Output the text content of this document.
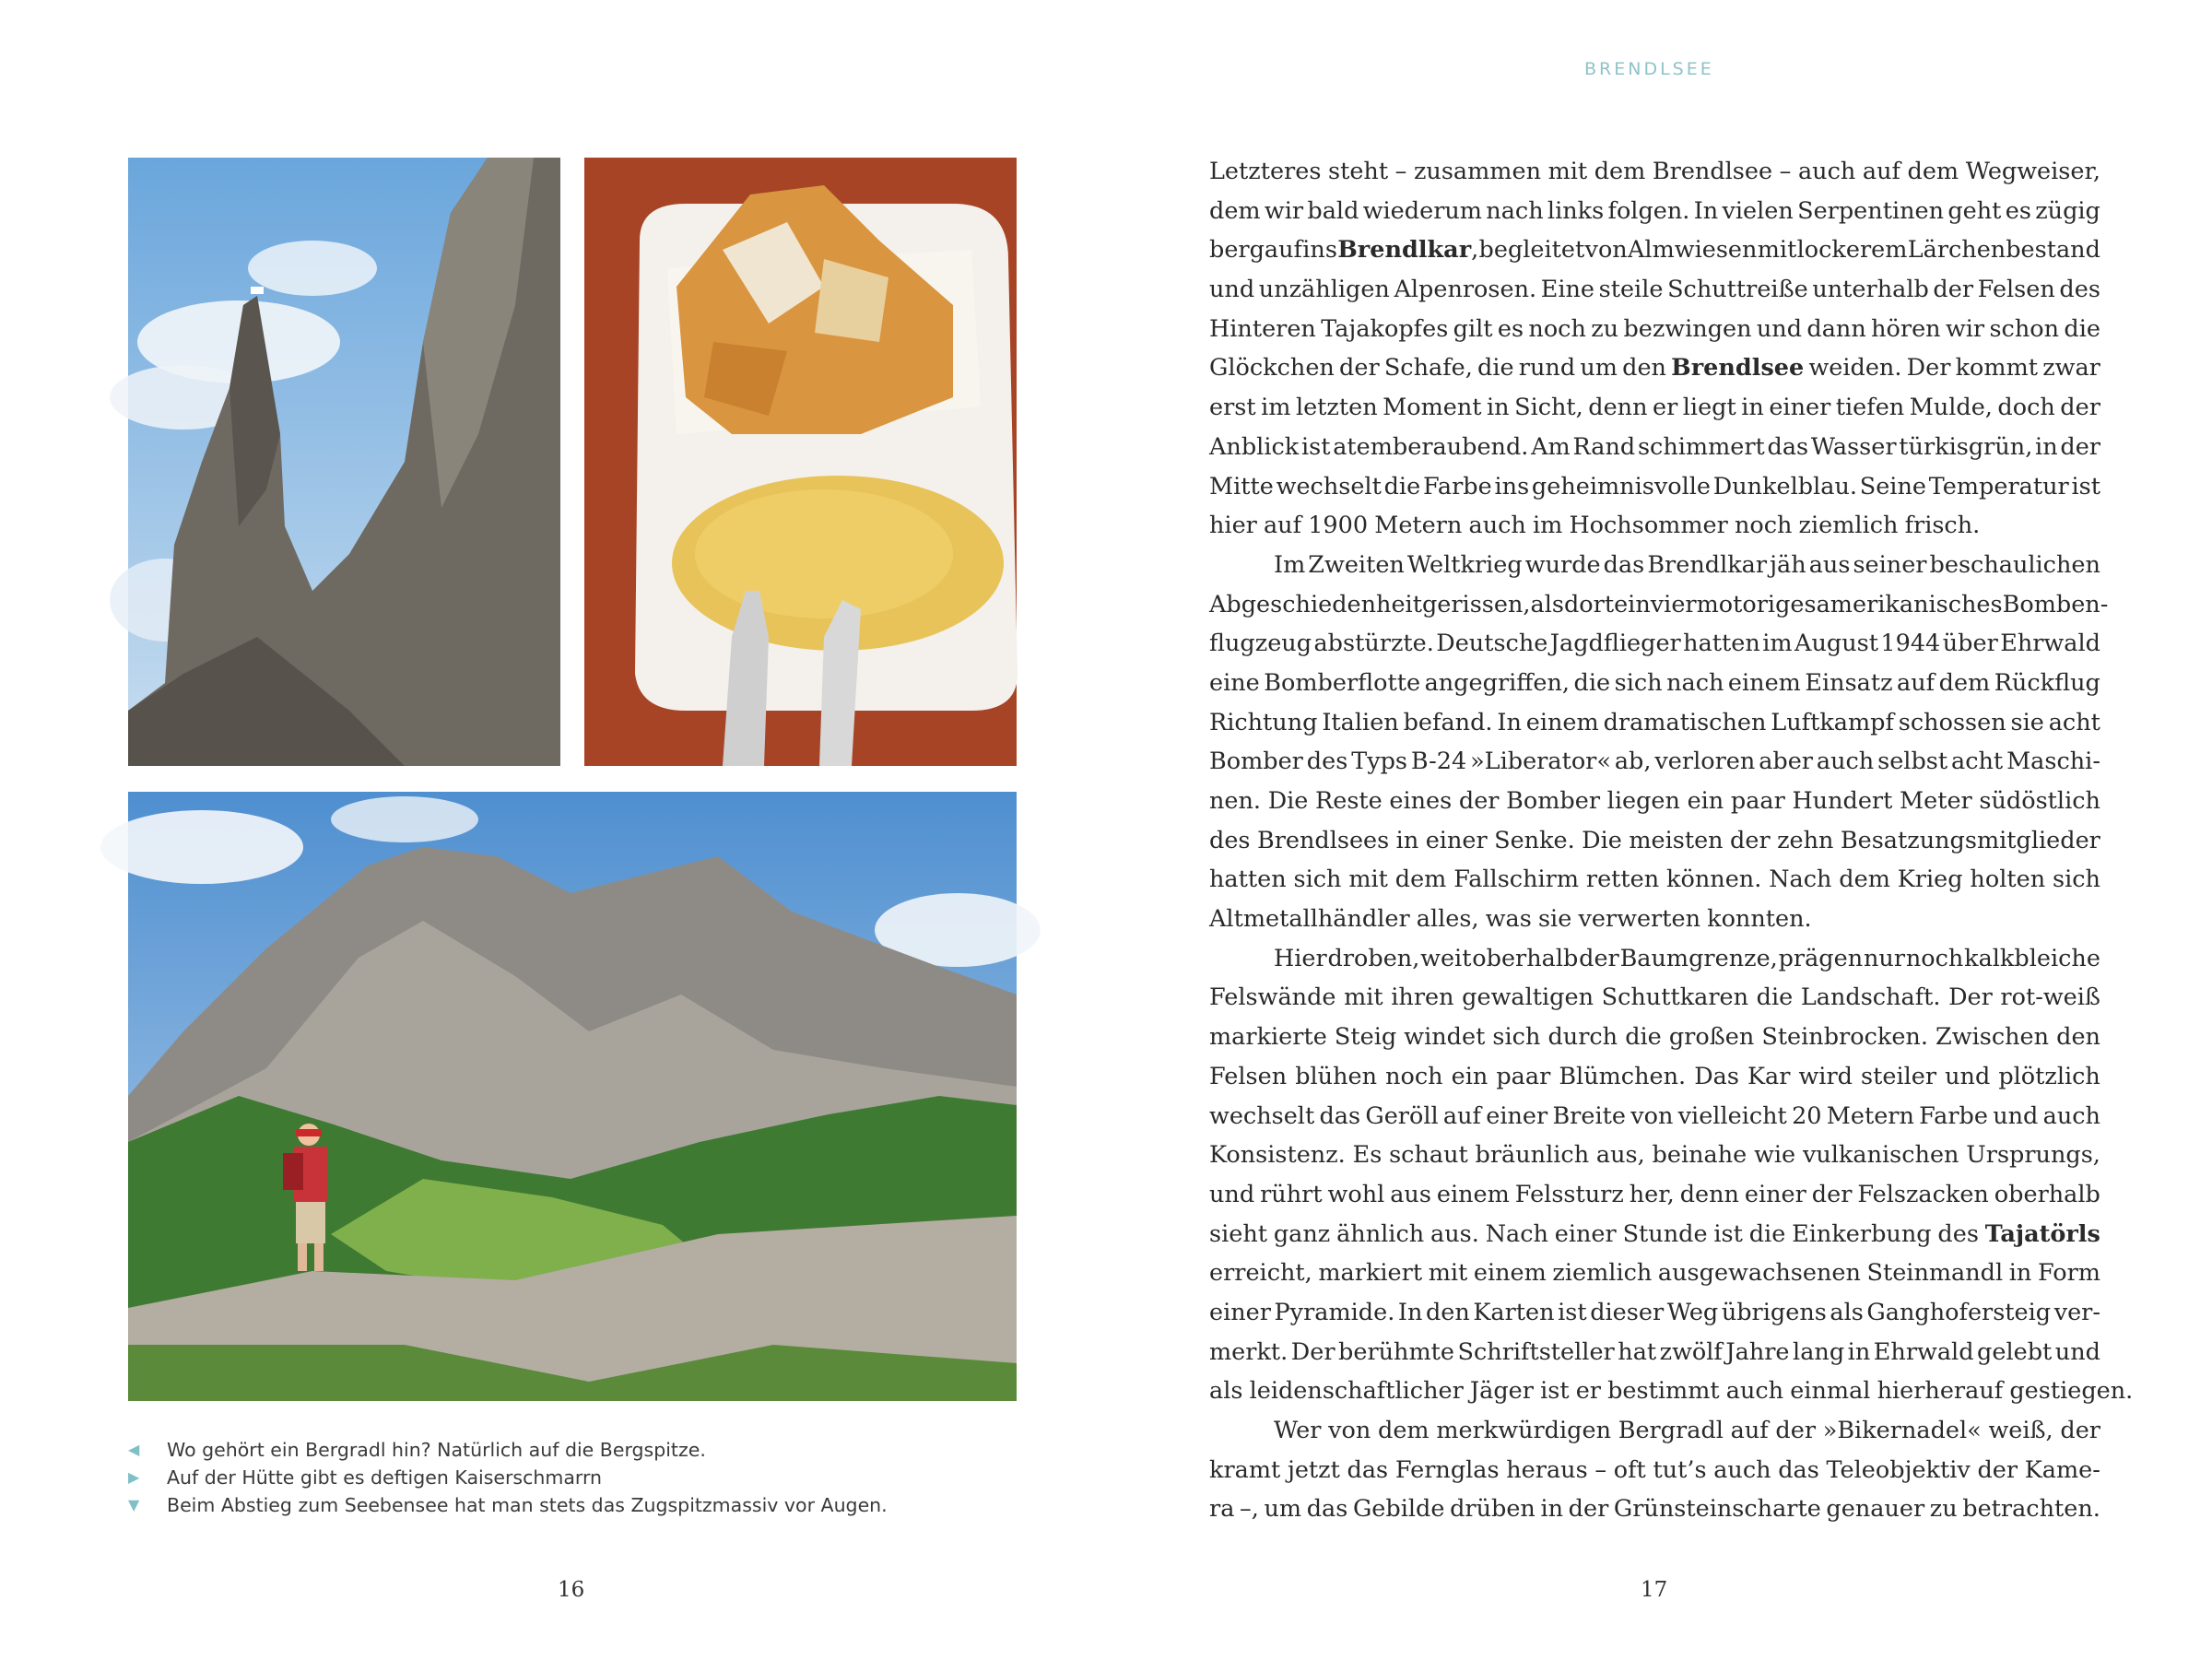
◀ Wo gehört ein Bergradl hin? Natürlich auf die Bergspitze.
▶ Auf der Hütte gibt es deftigen Kaiserschmarrn
▼ Beim Abstieg zum Seebensee hat man stets das Zugspitzmassiv vor Augen.
16
BRENDLSEE
Letzteres steht – zusammen mit dem Brendlsee – auch auf dem Wegweiser,
dem wir bald wiederum nach links folgen. In vielen Serpentinen geht es zügig
bergauf ins Brendlkar, begleitet von Almwiesen mit lockerem Lärchenbestand
und unzähligen Alpenrosen. Eine steile Schuttreiße unterhalb der Felsen des
Hinteren Tajakopfes gilt es noch zu bezwingen und dann hören wir schon die
Glöckchen der Schafe, die rund um den Brendlsee weiden. Der kommt zwar
erst im letzten Moment in Sicht, denn er liegt in einer tiefen Mulde, doch der
Anblick ist atemberaubend. Am Rand schimmert das Wasser türkisgrün, in der
Mitte wechselt die Farbe ins geheimnisvolle Dunkelblau. Seine Temperatur ist
hier auf 1900 Metern auch im Hochsommer noch ziemlich frisch.
Im Zweiten Weltkrieg wurde das Brendlkar jäh aus seiner beschaulichen
Abgeschiedenheit gerissen, als dort ein viermotoriges amerikanisches Bomben-
flugzeug abstürzte. Deutsche Jagdflieger hatten im August 1944 über Ehrwald
eine Bomberflotte angegriffen, die sich nach einem Einsatz auf dem Rückflug
Richtung Italien befand. In einem dramatischen Luftkampf schossen sie acht
Bomber des Typs B-24 »Liberator« ab, verloren aber auch selbst acht Maschi-
nen. Die Reste eines der Bomber liegen ein paar Hundert Meter südöstlich
des Brendlsees in einer Senke. Die meisten der zehn Besatzungsmitglieder
hatten sich mit dem Fallschirm retten können. Nach dem Krieg holten sich
Altmetallhändler alles, was sie verwerten konnten.
Hier droben, weit oberhalb der Baumgrenze, prägen nur noch kalkbleiche
Felswände mit ihren gewaltigen Schuttkaren die Landschaft. Der rot-weiß
markierte Steig windet sich durch die großen Steinbrocken. Zwischen den
Felsen blühen noch ein paar Blümchen. Das Kar wird steiler und plötzlich
wechselt das Geröll auf einer Breite von vielleicht 20 Metern Farbe und auch
Konsistenz. Es schaut bräunlich aus, beinahe wie vulkanischen Ursprungs,
und rührt wohl aus einem Felssturz her, denn einer der Felszacken oberhalb
sieht ganz ähnlich aus. Nach einer Stunde ist die Einkerbung des Tajatörls
erreicht, markiert mit einem ziemlich ausgewachsenen Steinmandl in Form
einer Pyramide. In den Karten ist dieser Weg übrigens als Ganghofersteig ver-
merkt. Der berühmte Schriftsteller hat zwölf Jahre lang in Ehrwald gelebt und
als leidenschaftlicher Jäger ist er bestimmt auch einmal hierherauf gestiegen.
Wer von dem merkwürdigen Bergradl auf der »Bikernadel« weiß, der
kramt jetzt das Fernglas heraus – oft tut’s auch das Teleobjektiv der Kame-
ra –, um das Gebilde drüben in der Grünsteinscharte genauer zu betrachten.
17
